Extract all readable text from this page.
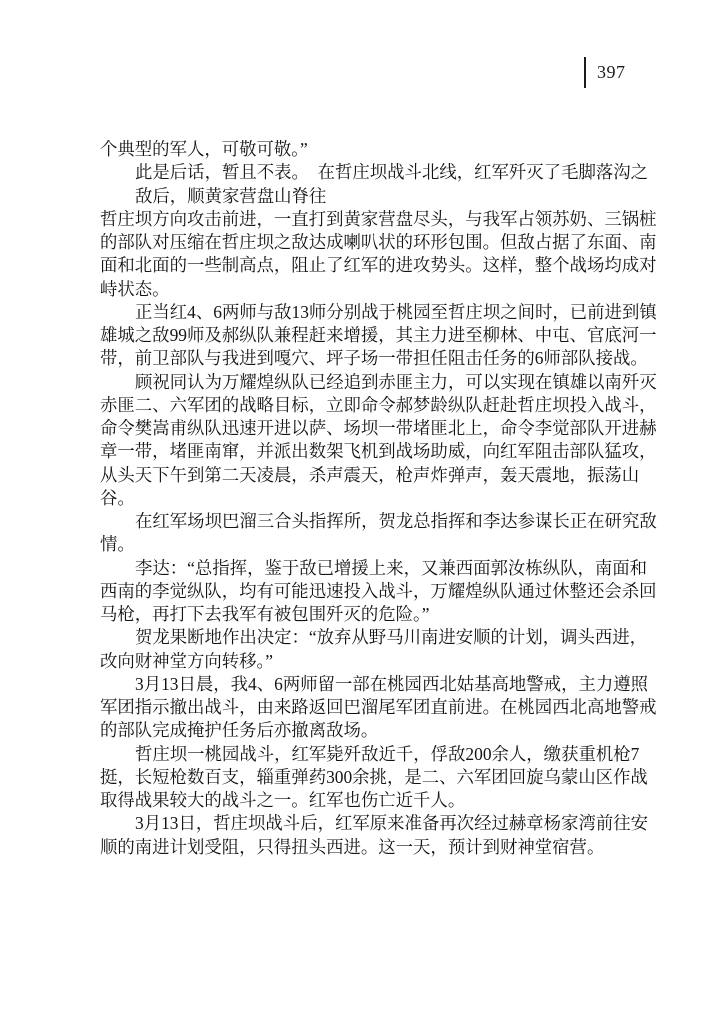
397
个典型的军人，可敬可敬。”
此是后话，暂且不表。　在哲庄坝战斗北线，红军歼灭了毛脚落沟之
敌后，顺黄家营盘山脊往
哲庄坝方向攻击前进，一直打到黄家营盘尽头，与我军占领苏奶、三锅桩
的部队对压缩在哲庄坝之敌达成喇叭状的环形包围。但敌占据了东面、南
面和北面的一些制高点，阻止了红军的进攻势头。这样，整个战场均成对
峙状态。
正当红4、6两师与敌13师分别战于桃园至哲庄坝之间时，已前进到镇
雄城之敌99师及郝纵队兼程赶来增援，其主力进至柳林、中屯、官底河一
带，前卫部队与我进到嘎穴、坪子场一带担任阻击任务的6师部队接战。
顾祝同认为万耀煌纵队已经追到赤匪主力，可以实现在镇雄以南歼灭
赤匪二、六军团的战略目标，立即命令郝梦龄纵队赶赴哲庄坝投入战斗，
命令樊嵩甫纵队迅速开进以萨、场坝一带堵匪北上，命令李觉部队开进赫
章一带，堵匪南窜，并派出数架飞机到战场助威，向红军阻击部队猛攻，
从头天下午到第二天凌晨，杀声震天，枪声炸弹声，轰天震地，振荡山
谷。
在红军场坝巴溜三合头指挥所，贺龙总指挥和李达参谋长正在研究敌
情。
李达：“总指挥，鉴于敌已增援上来，又兼西面郭汝栋纵队，南面和
西南的李觉纵队，均有可能迅速投入战斗，万耀煌纵队通过休整还会杀回
马枪，再打下去我军有被包围歼灭的危险。”
贺龙果断地作出决定：“放弃从野马川南进安顺的计划，调头西进，
改向财神堂方向转移。”
3月13日晨，我4、6两师留一部在桃园西北姑基高地警戒，主力遵照
军团指示撤出战斗，由来路返回巴溜尾军团直前进。在桃园西北高地警戒
的部队完成掩护任务后亦撤离敌场。
哲庄坝一桃园战斗，红军毙歼敌近千，俘敌200余人，缴获重机枪7
挺，长短枪数百支，辎重弹药300余挑，是二、六军团回旋乌蒙山区作战
取得战果较大的战斗之一。红军也伤亡近千人。
3月13日，哲庄坝战斗后，红军原来准备再次经过赫章杨家湾前往安
顺的南进计划受阻，只得扭头西进。这一天，预计到财神堂宿营。
